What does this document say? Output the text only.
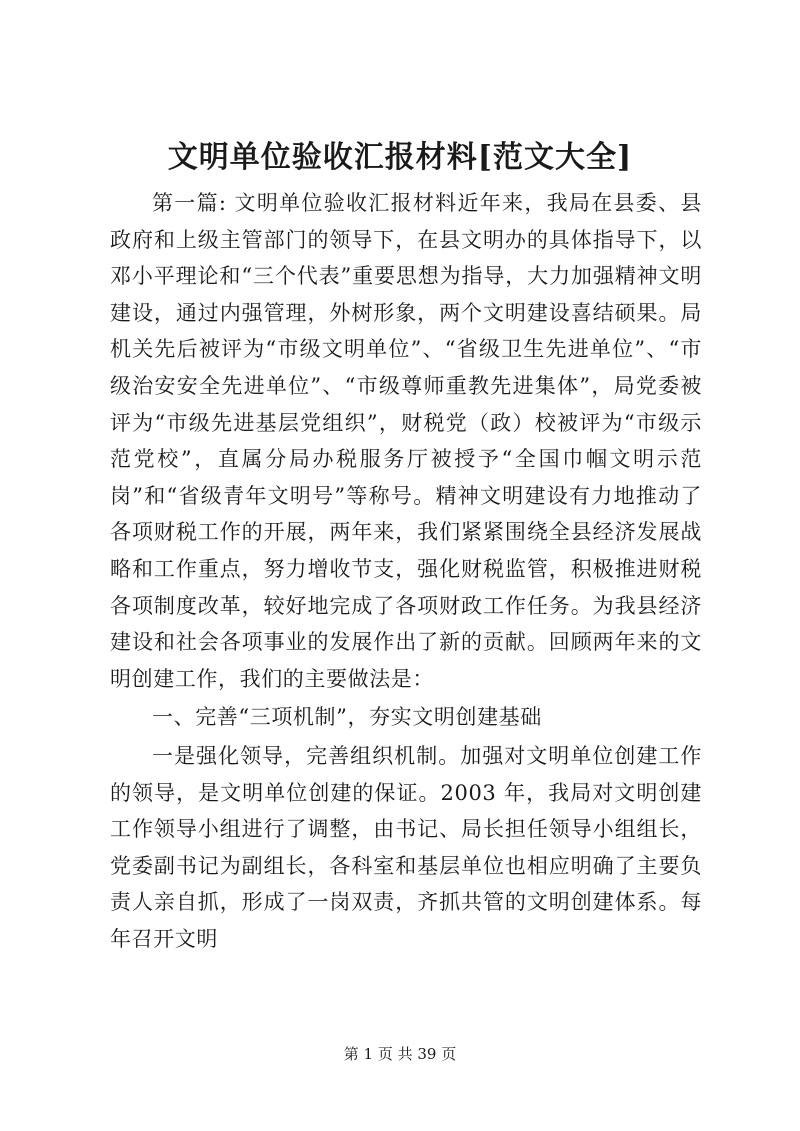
文明单位验收汇报材料[范文大全]

第一篇: 文明单位验收汇报材料近年来，我局在县委、县政府和上级主管部门的领导下，在县文明办的具体指导下，以邓小平理论和“三个代表”重要思想为指导，大力加强精神文明建设，通过内强管理，外树形象，两个文明建设喜结硕果。局机关先后被评为“市级文明单位”、“省级卫生先进单位”、“市级治安安全先进单位”、“市级尊师重教先进集体”，局党委被评为“市级先进基层党组织”，财税党（政）校被评为“市级示范党校”，直属分局办税服务厅被授予“全国巾帼文明示范岗”和“省级青年文明号”等称号。精神文明建设有力地推动了各项财税工作的开展，两年来，我们紧紧围绕全县经济发展战略和工作重点，努力增收节支，强化财税监管，积极推进财税各项制度改革，较好地完成了各项财政工作任务。为我县经济建设和社会各项事业的发展作出了新的贡献。回顾两年来的文明创建工作，我们的主要做法是：

一、完善“三项机制”，夯实文明创建基础

一是强化领导，完善组织机制。加强对文明单位创建工作的领导，是文明单位创建的保证。2003 年，我局对文明创建工作领导小组进行了调整，由书记、局长担任领导小组组长，党委副书记为副组长，各科室和基层单位也相应明确了主要负责人亲自抓，形成了一岗双责，齐抓共管的文明创建体系。每年召开文明

第 1 页 共 39 页
